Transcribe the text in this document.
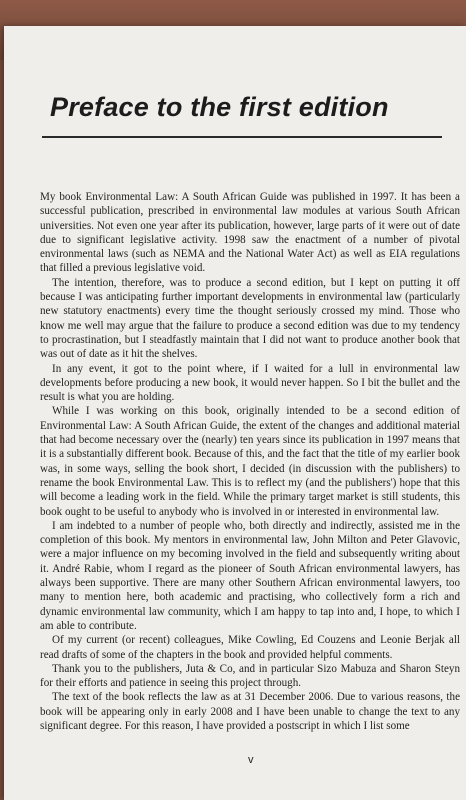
Preface to the first edition

My book Environmental Law: A South African Guide was published in 1997. It has been a successful publication, prescribed in environmental law modules at various South African universities. Not even one year after its publication, however, large parts of it were out of date due to significant legislative activity. 1998 saw the enactment of a number of pivotal environmental laws (such as NEMA and the National Water Act) as well as EIA regulations that filled a previous legislative void.

The intention, therefore, was to produce a second edition, but I kept on putting it off because I was anticipating further important developments in environmental law (particularly new statutory enactments) every time the thought seriously crossed my mind. Those who know me well may argue that the failure to produce a second edition was due to my tendency to procrastination, but I steadfastly maintain that I did not want to produce another book that was out of date as it hit the shelves.

In any event, it got to the point where, if I waited for a lull in environmental law developments before producing a new book, it would never happen. So I bit the bullet and the result is what you are holding.

While I was working on this book, originally intended to be a second edition of Environmental Law: A South African Guide, the extent of the changes and additional material that had become necessary over the (nearly) ten years since its publication in 1997 means that it is a substantially different book. Because of this, and the fact that the title of my earlier book was, in some ways, selling the book short, I decided (in discussion with the publishers) to rename the book Environmental Law. This is to reflect my (and the publishers') hope that this will become a leading work in the field. While the primary target market is still students, this book ought to be useful to anybody who is involved in or interested in environmental law.

I am indebted to a number of people who, both directly and indirectly, assisted me in the completion of this book. My mentors in environmental law, John Milton and Peter Glavovic, were a major influence on my becoming involved in the field and subsequently writing about it. André Rabie, whom I regard as the pioneer of South African environmental lawyers, has always been supportive. There are many other Southern African environmental lawyers, too many to mention here, both academic and practising, who collectively form a rich and dynamic environmental law community, which I am happy to tap into and, I hope, to which I am able to contribute.

Of my current (or recent) colleagues, Mike Cowling, Ed Couzens and Leonie Berjak all read drafts of some of the chapters in the book and provided helpful comments.

Thank you to the publishers, Juta & Co, and in particular Sizo Mabuza and Sharon Steyn for their efforts and patience in seeing this project through.

The text of the book reflects the law as at 31 December 2006. Due to various reasons, the book will be appearing only in early 2008 and I have been unable to change the text to any significant degree. For this reason, I have provided a postscript in which I list some

v
